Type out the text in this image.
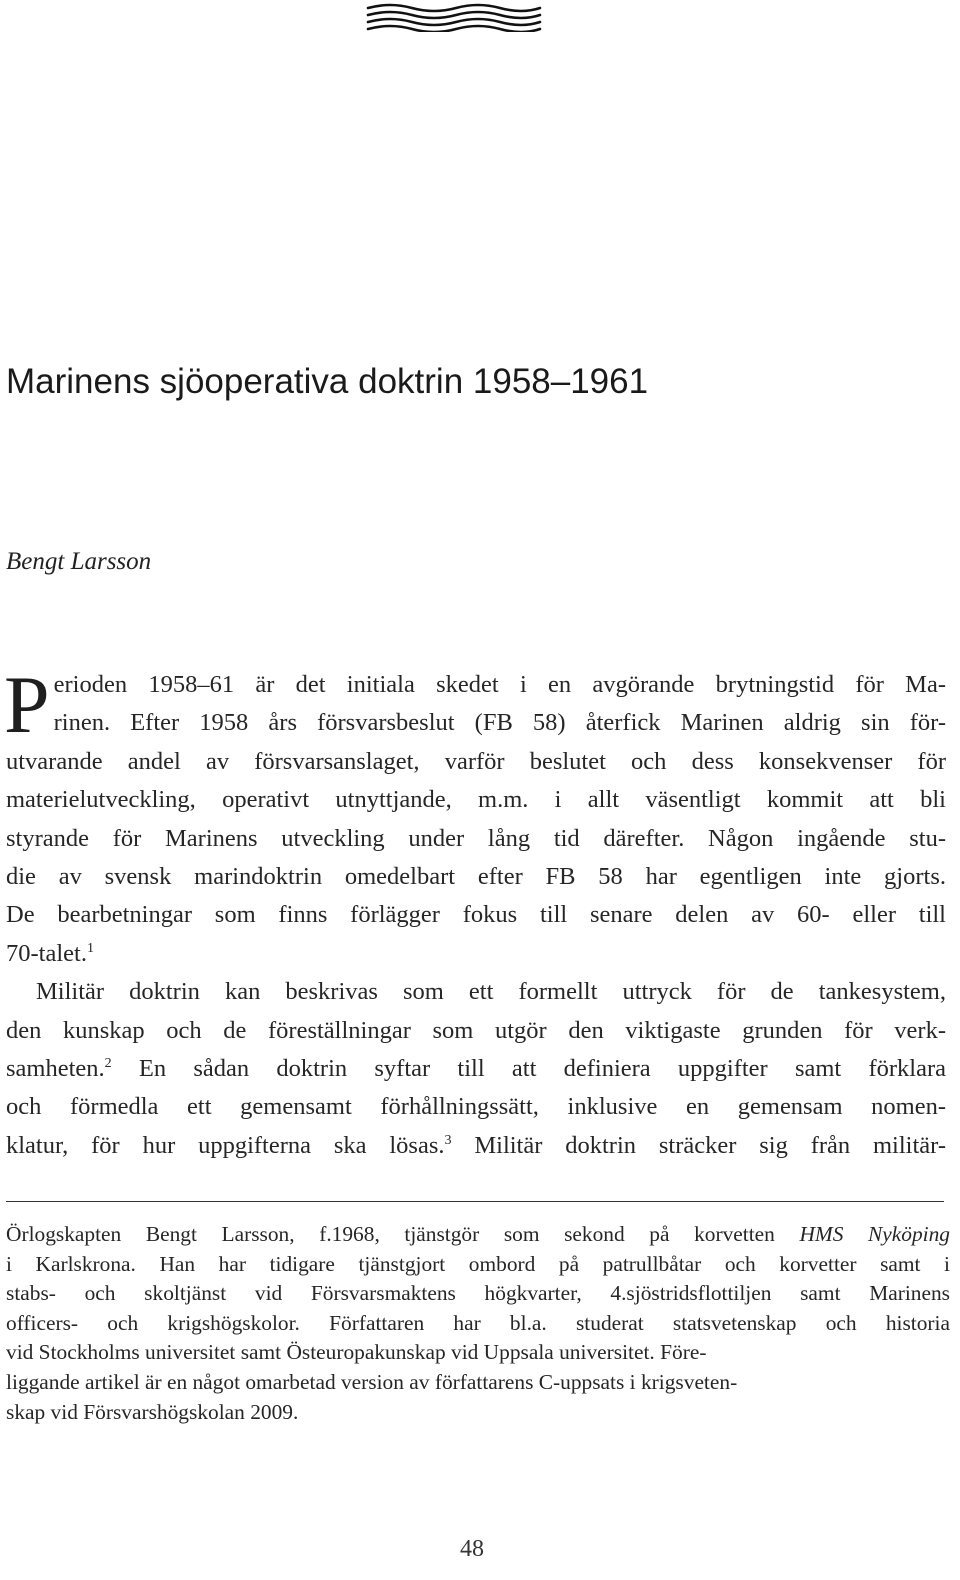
Marinens sjöoperativa doktrin 1958–1961
Bengt Larsson
P erioden 1958–61 är det initiala skedet i en avgörande brytningstid för Ma-
rinen. Efter 1958 års försvarsbeslut (FB 58) återfick Marinen aldrig sin för-
utvarande andel av försvarsanslaget, varför beslutet och dess konsekvenser för
materielutveckling, operativt utnyttjande, m.m. i allt väsentligt kommit att bli
styrande för Marinens utveckling under lång tid därefter. Någon ingående stu-
die av svensk marindoktrin omedelbart efter FB 58 har egentligen inte gjorts.
De bearbetningar som finns förlägger fokus till senare delen av 60- eller till
70-talet.$^1$
Militär doktrin kan beskrivas som ett formellt uttryck för de tankesystem,
den kunskap och de föreställningar som utgör den viktigaste grunden för verk-
samheten.$^2$ En sådan doktrin syftar till att definiera uppgifter samt förklara
och förmedla ett gemensamt förhållningssätt, inklusive en gemensam nomen-
klatur, för hur uppgifterna ska lösas.$^3$ Militär doktrin sträcker sig från militär-
Örlogskapten Bengt Larsson, f.1968, tjänstgör som sekond på korvetten HMS Nyköping
i Karlskrona. Han har tidigare tjänstgjort ombord på patrullbåtar och korvetter samt i
stabs- och skoltjänst vid Försvarsmaktens högkvarter, 4.sjöstridsflottiljen samt Marinens
officers- och krigshögskolor. Författaren har bl.a. studerat statsvetenskap och historia
vid Stockholms universitet samt Östeuropakunskap vid Uppsala universitet. Före-
liggande artikel är en något omarbetad version av författarens C-uppsats i krigsveten-
skap vid Försvarshögskolan 2009.
48
